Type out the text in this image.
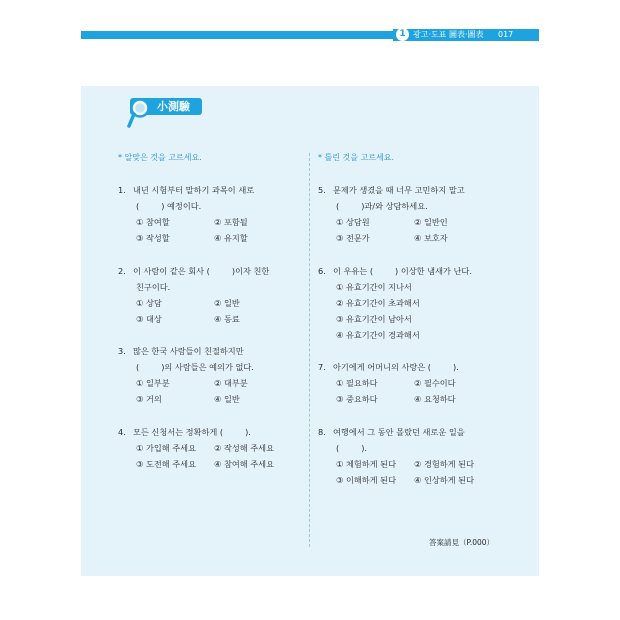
1 광고·도표 圖表·圖表 017
小測驗
* 알맞은 것을 고르세요.	* 틀린 것을 고르세요.
1. 내년 시험부터 말하기 과목이 새로
(	) 예정이다.
① 참여할	② 포함될
③ 작성할	④ 유지할
2. 이 사람이 같은 회사 (	)이자 친한
친구이다.
① 상담	② 일반
③ 대상	④ 동료
3. 많은 한국 사람들이 친절하지만
(	)의 사람들은 예의가 없다.
① 일부분	② 대부분
③ 거의	④ 일반
4. 모든 신청서는 정확하게 (	).
① 가입해 주세요	② 작성해 주세요
③ 도전해 주세요	④ 참여해 주세요
5. 문제가 생겼을 때 너무 고민하지 말고
(	)과/와 상담하세요.
① 상담원	② 일반인
③ 전문가	④ 보호자
6. 이 우유는 (	) 이상한 냄새가 난다.
① 유효기간이 지나서
② 유효기간이 초과해서
③ 유효기간이 남아서
④ 유효기간이 경과해서
7. 아기에게 어머니의 사랑은 (	).
① 필요하다	② 필수이다
③ 중요하다	④ 요청하다
8. 여행에서 그 동안 몰랐던 새로운 일을
(	).
① 체험하게 된다	② 경험하게 된다
③ 이해하게 된다	④ 인상하게 된다
答案請見（P.000）
